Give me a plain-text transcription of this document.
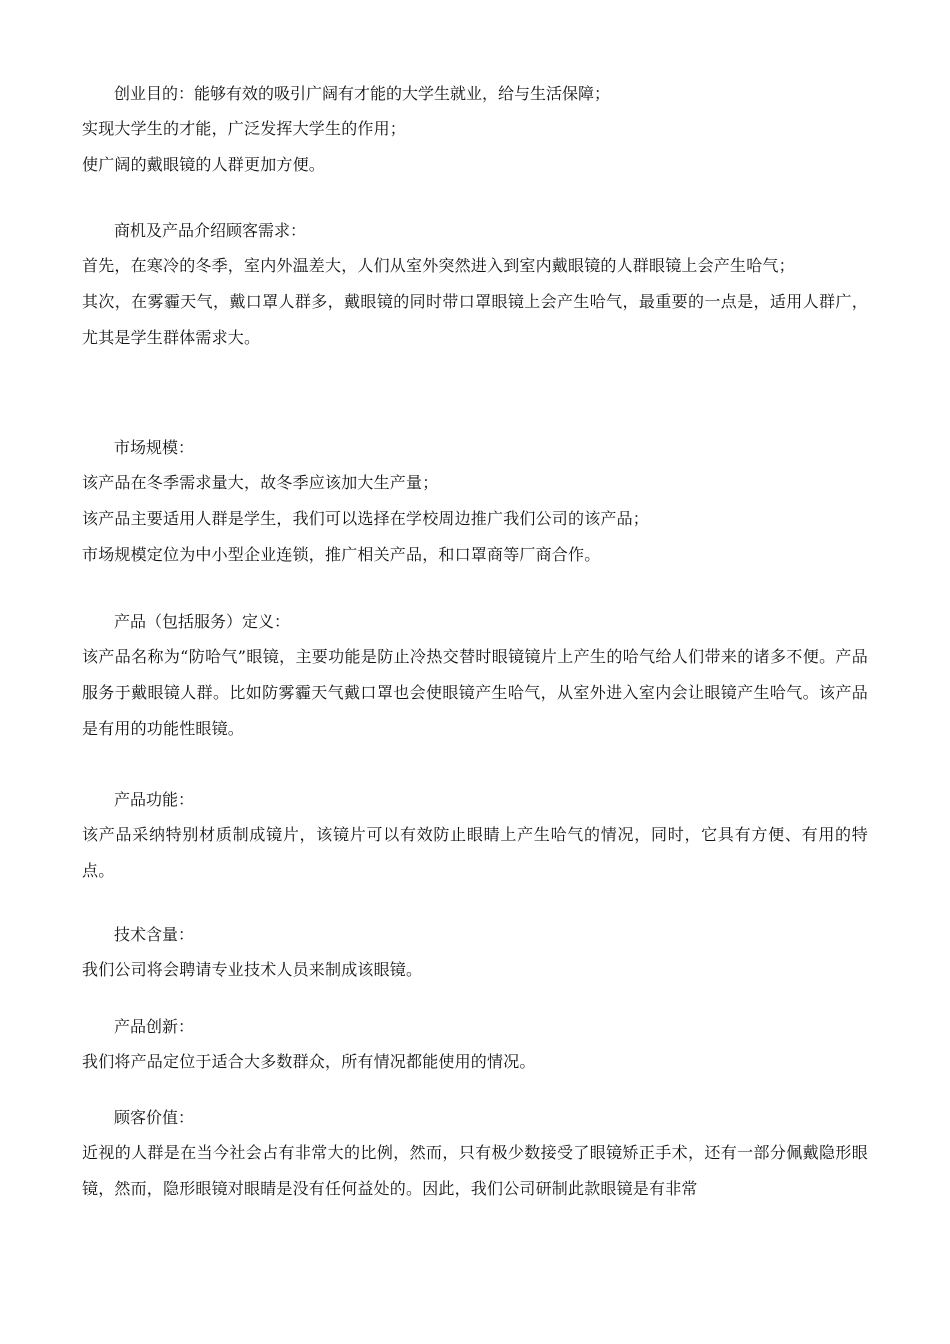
创业目的：能够有效的吸引广阔有才能的大学生就业，给与生活保障；

实现大学生的才能，广泛发挥大学生的作用；

使广阔的戴眼镜的人群更加方便。

商机及产品介绍顾客需求：

首先，在寒冷的冬季，室内外温差大，人们从室外突然进入到室内戴眼镜的人群眼镜上会产生哈气；

其次，在雾霾天气，戴口罩人群多，戴眼镜的同时带口罩眼镜上会产生哈气，最重要的一点是，适用人群广，尤其是学生群体需求大。

市场规模：

该产品在冬季需求量大，故冬季应该加大生产量；

该产品主要适用人群是学生，我们可以选择在学校周边推广我们公司的该产品；

市场规模定位为中小型企业连锁，推广相关产品，和口罩商等厂商合作。

产品（包括服务）定义：

该产品名称为“防哈气”眼镜，主要功能是防止冷热交替时眼镜镜片上产生的哈气给人们带来的诸多不便。产品服务于戴眼镜人群。比如防雾霾天气戴口罩也会使眼镜产生哈气，从室外进入室内会让眼镜产生哈气。该产品是有用的功能性眼镜。

产品功能：

该产品采纳特别材质制成镜片，该镜片可以有效防止眼睛上产生哈气的情况，同时，它具有方便、有用的特点。

技术含量：

我们公司将会聘请专业技术人员来制成该眼镜。

产品创新：

我们将产品定位于适合大多数群众，所有情况都能使用的情况。

顾客价值：

近视的人群是在当今社会占有非常大的比例，然而，只有极少数接受了眼镜矫正手术，还有一部分佩戴隐形眼镜，然而，隐形眼镜对眼睛是没有任何益处的。因此，我们公司研制此款眼镜是有非常
